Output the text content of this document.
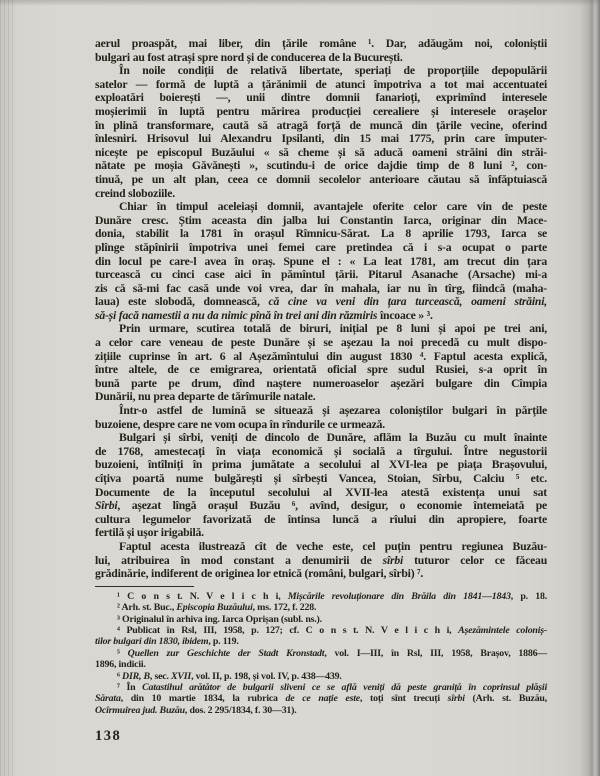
aerul proaspăt, mai liber, din țările române ¹. Dar, adăugăm noi, coloniștii
bulgari au fost atrași spre nord și de conducerea de la București.
În noile condiții de relativă libertate, speriați de proporțiile depopulării
satelor — formă de luptă a țărănimii de atunci împotriva a tot mai accentuatei
exploatări boierești —, unii dintre domnii fanarioți, exprimînd interesele
moșierimii în luptă pentru mărirea producției cerealiere și interesele orașelor
în plină transformare, caută să atragă forță de muncă din țările vecine, oferind
înlesniri. Hrisovul lui Alexandru Ipsilanti, din 15 mai 1775, prin care împuter-
nicește pe episcopul Buzăului « să cheme și să aducă oameni străini din străi-
nătate pe moșia Găvănești », scutindu-i de orice dajdie timp de 8 luni ², con-
tinuă, pe un alt plan, ceea ce domnii secolelor anterioare căutau să înfăptuiască
creind sloboziile.
Chiar în timpul aceleiași domnii, avantajele oferite celor care vin de peste
Dunăre cresc. Știm aceasta din jalba lui Constantin Iarca, originar din Mace-
donia, stabilit la 1781 în orașul Rîmnicu-Sărat. La 8 aprilie 1793, Iarca se
plînge stăpînirii împotriva unei femei care pretindea că i s-a ocupat o parte
din locul pe care-l avea în oraș. Spune el : « La leat 1781, am trecut din țara
turcească cu cinci case aici în pămîntul țării. Pitarul Asanache (Arsache) mi-a
zis că să-mi fac casă unde voi vrea, dar în mahala, iar nu în tîrg, fiindcă (maha-
laua) este slobodă, domnească, că cine va veni din țara turcească, oameni străini,
să-și facă namestii a nu da nimic pînă în trei ani din răzmiris încoace » ³.
Prin urmare, scutirea totală de biruri, inițial pe 8 luni și apoi pe trei ani,
a celor care veneau de peste Dunăre și se așezau la noi precedă cu mult dispo-
zițiile cuprinse în art. 6 al Așezămîntului din august 1830 ⁴. Faptul acesta explică,
între altele, de ce emigrarea, orientată oficial spre sudul Rusiei, s-a oprit în
bună parte pe drum, dînd naștere numeroaselor așezări bulgare din Cîmpia
Dunării, nu prea departe de tărîmurile natale.
Într-o astfel de lumină se situează și așezarea coloniștilor bulgari în părțile
buzoiene, despre care ne vom ocupa în rîndurile ce urmează.
Bulgari și sîrbi, veniți de dincolo de Dunăre, aflăm la Buzău cu mult înainte
de 1768, amestecați în viața economică și socială a tîrgului. Între negustorii
buzoieni, întîlniți în prima jumătate a secolului al XVI-lea pe piața Brașovului,
cîțiva poartă nume bulgărești și sîrbești Vancea, Stoian, Sîrbu, Calciu ⁵ etc.
Documente de la începutul secolului al XVII-lea atestă existența unui sat
Sîrbi, așezat lîngă orașul Buzău ⁶, avînd, desigur, o economie întemeiată pe
cultura legumelor favorizată de întinsa luncă a rîului din apropiere, foarte
fertilă și ușor irigabilă.
Faptul acesta ilustrează cît de veche este, cel puțin pentru regiunea Buzău-
lui, atribuirea în mod constant a denumirii de sîrbi tuturor celor ce făceau
grădinărie, indiferent de originea lor etnică (români, bulgari, sîrbi) ⁷.
¹ C o n s t. N. V e l i c h i, Mișcările revoluționare din Brăila din 1841—1843, p. 18.
² Arh. st. Buc., Episcopia Buzăului, ms. 172, f. 228.
³ Originalul în arhiva ing. Iarca Oprișan (subl. ns.).
⁴ Publicat în Rsl, III, 1958, p. 127; cf. C o n s t. N. V e l i c h i, Așezămintele coloniș-
tilor bulgari din 1830, ibidem, p. 119.
⁵ Quellen zur Geschichte der Stadt Kronstadt, vol. I—III, în Rsl, III, 1958, Brașov, 1886—
1896, indicii.
⁶ DIR, B, sec. XVII, vol. II, p. 198, și vol. IV, p. 438—439.
⁷ În Catastihul arătător de bulgarii sliveni ce se află veniți dă peste graniță în coprinsul plășii
Sărata, din 10 martie 1834, la rubrica de ce nație este, toți sînt trecuți sîrbi (Arh. st. Buzău,
Ocîrmuirea jud. Buzău, dos. 2 295/1834, f. 30—31).
138
